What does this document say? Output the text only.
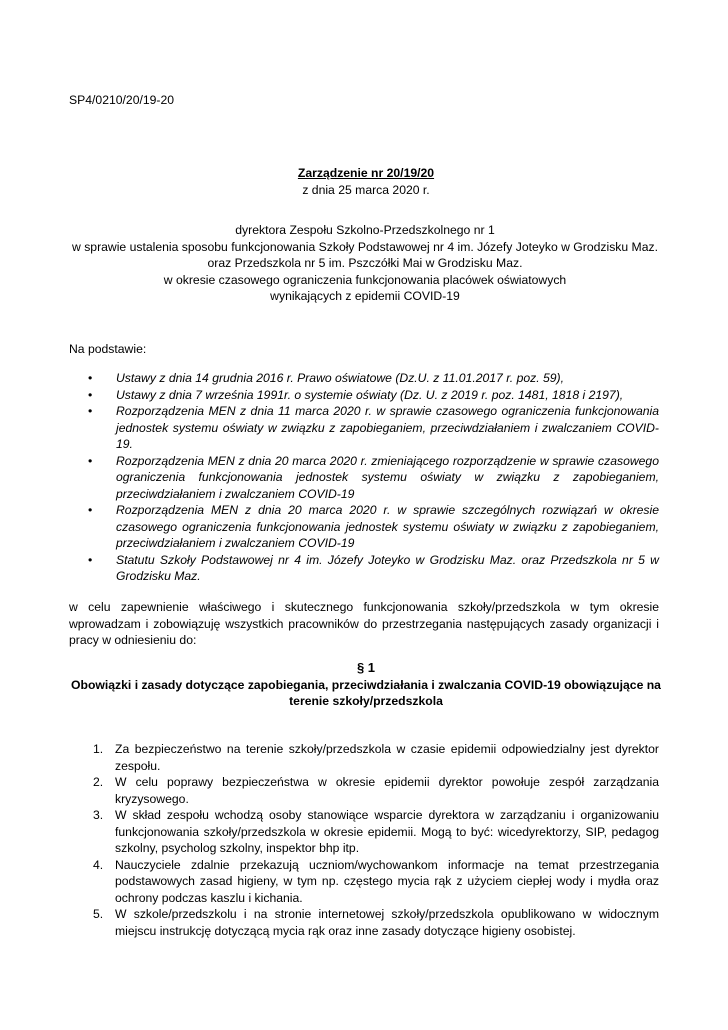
SP4/0210/20/19-20
Zarządzenie nr 20/19/20
z dnia 25 marca 2020 r.
dyrektora Zespołu Szkolno-Przedszkolnego nr 1
w sprawie ustalenia sposobu funkcjonowania Szkoły Podstawowej nr 4 im. Józefy Joteyko w Grodzisku Maz.
oraz Przedszkola nr 5 im. Pszczółki Mai w Grodzisku Maz.
w okresie czasowego ograniczenia funkcjonowania placówek oświatowych
wynikających z epidemii COVID-19
Na podstawie:
• Ustawy z dnia 14 grudnia 2016 r. Prawo oświatowe (Dz.U. z 11.01.2017 r. poz. 59),
• Ustawy z dnia 7 września 1991r. o systemie oświaty (Dz. U. z 2019 r. poz. 1481, 1818 i 2197),
• Rozporządzenia MEN z dnia 11 marca 2020 r. w sprawie czasowego ograniczenia funkcjonowania jednostek systemu oświaty w związku z zapobieganiem, przeciwdziałaniem i zwalczaniem COVID-19.
• Rozporządzenia MEN z dnia 20 marca 2020 r. zmieniającego rozporządzenie w sprawie czasowego ograniczenia funkcjonowania jednostek systemu oświaty w związku z zapobieganiem, przeciwdziałaniem i zwalczaniem COVID-19
• Rozporządzenia MEN z dnia 20 marca 2020 r. w sprawie szczególnych rozwiązań w okresie czasowego ograniczenia funkcjonowania jednostek systemu oświaty w związku z zapobieganiem, przeciwdziałaniem i zwalczaniem COVID-19
• Statutu Szkoły Podstawowej nr 4 im. Józefy Joteyko w Grodzisku Maz. oraz Przedszkola nr 5 w Grodzisku Maz.
w celu zapewnienie właściwego i skutecznego funkcjonowania szkoły/przedszkola w tym okresie wprowadzam i zobowiązuję wszystkich pracowników do przestrzegania następujących zasady organizacji i pracy w odniesieniu do:
§ 1
Obowiązki i zasady dotyczące zapobiegania, przeciwdziałania i zwalczania COVID-19 obowiązujące na terenie szkoły/przedszkola
1. Za bezpieczeństwo na terenie szkoły/przedszkola w czasie epidemii odpowiedzialny jest dyrektor zespołu.
2. W celu poprawy bezpieczeństwa w okresie epidemii dyrektor powołuje zespół zarządzania kryzysowego.
3. W skład zespołu wchodzą osoby stanowiące wsparcie dyrektora w zarządzaniu i organizowaniu funkcjonowania szkoły/przedszkola w okresie epidemii. Mogą to być: wicedyrektorzy, SIP, pedagog szkolny, psycholog szkolny, inspektor bhp itp.
4. Nauczyciele zdalnie przekazują uczniom/wychowankom informacje na temat przestrzegania podstawowych zasad higieny, w tym np. częstego mycia rąk z użyciem ciepłej wody i mydła oraz ochrony podczas kaszlu i kichania.
5. W szkole/przedszkolu i na stronie internetowej szkoły/przedszkola opublikowano w widocznym miejscu instrukcję dotyczącą mycia rąk oraz inne zasady dotyczące higieny osobistej.
